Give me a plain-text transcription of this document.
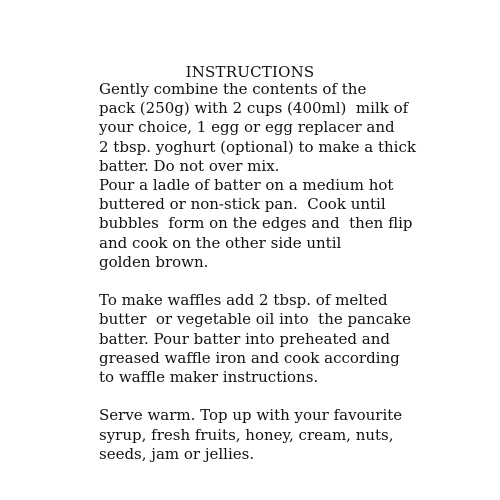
INSTRUCTIONS
Gently combine the contents of the
pack (250g) with 2 cups (400ml)  milk of
your choice, 1 egg or egg replacer and
2 tbsp. yoghurt (optional) to make a thick
batter. Do not over mix.
Pour a ladle of batter on a medium hot
buttered or non-stick pan.  Cook until
bubbles  form on the edges and  then flip
and cook on the other side until
golden brown.
To make waffles add 2 tbsp. of melted
butter  or vegetable oil into  the pancake
batter. Pour batter into preheated and
greased waffle iron and cook according
to waffle maker instructions.
Serve warm. Top up with your favourite
syrup, fresh fruits, honey, cream, nuts,
seeds, jam or jellies.
